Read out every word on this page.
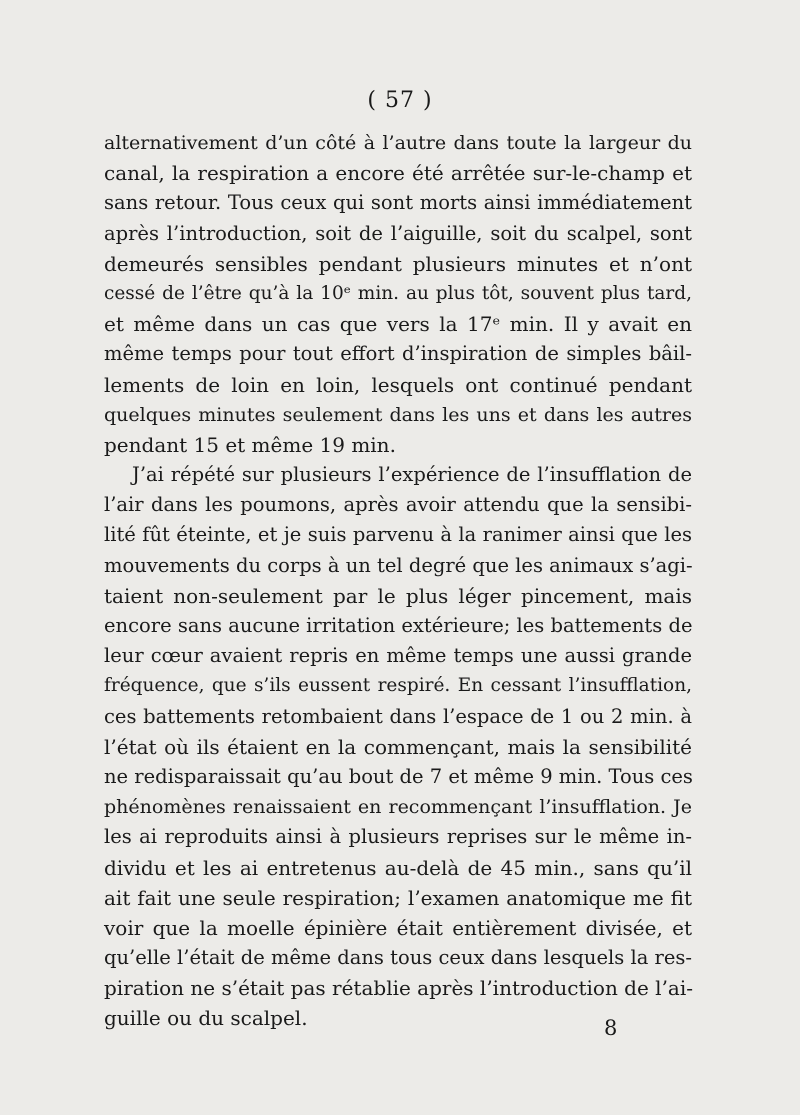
( 57 )
alternativement d’un côté à l’autre dans toute la largeur du
canal, la respiration a encore été arrêtée sur-le-champ et
sans retour. Tous ceux qui sont morts ainsi immédiatement
après l’introduction, soit de l’aiguille, soit du scalpel, sont
demeurés sensibles pendant plusieurs minutes et n’ont
cessé de l’être qu’à la 10ᵉ min. au plus tôt, souvent plus tard,
et même dans un cas que vers la 17ᵉ min. Il y avait en
même temps pour tout effort d’inspiration de simples bâil-
lements de loin en loin, lesquels ont continué pendant
quelques minutes seulement dans les uns et dans les autres
pendant 15 et même 19 min.
J’ai répété sur plusieurs l’expérience de l’insufflation de
l’air dans les poumons, après avoir attendu que la sensibi-
lité fût éteinte, et je suis parvenu à la ranimer ainsi que les
mouvements du corps à un tel degré que les animaux s’agi-
taient non-seulement par le plus léger pincement, mais
encore sans aucune irritation extérieure; les battements de
leur cœur avaient repris en même temps une aussi grande
fréquence, que s’ils eussent respiré. En cessant l’insufflation,
ces battements retombaient dans l’espace de 1 ou 2 min. à
l’état où ils étaient en la commençant, mais la sensibilité
ne redisparaissait qu’au bout de 7 et même 9 min. Tous ces
phénomènes renaissaient en recommençant l’insufflation. Je
les ai reproduits ainsi à plusieurs reprises sur le même in-
dividu et les ai entretenus au-delà de 45 min., sans qu’il
ait fait une seule respiration; l’examen anatomique me fit
voir que la moelle épinière était entièrement divisée, et
qu’elle l’était de même dans tous ceux dans lesquels la res-
piration ne s’était pas rétablie après l’introduction de l’ai-
guille ou du scalpel.	8
